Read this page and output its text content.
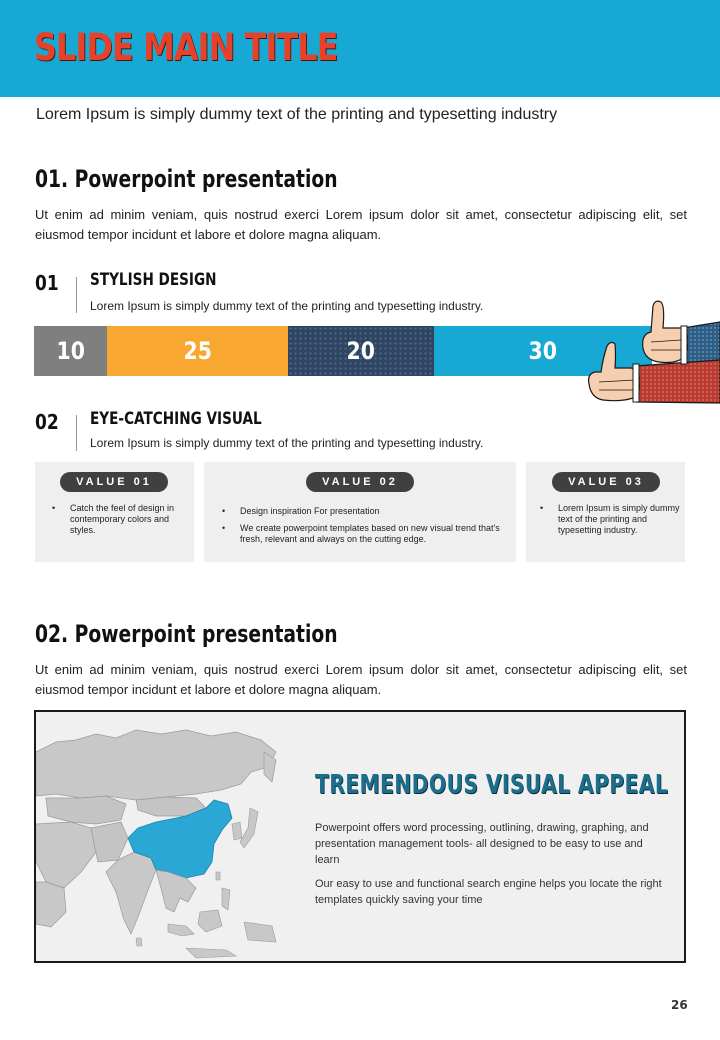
SLIDE MAIN TITLE
Lorem Ipsum is simply dummy text of the printing and typesetting industry
01. Powerpoint presentation
Ut enim ad minim veniam, quis nostrud exerci Lorem ipsum dolor sit amet, consectetur adipiscing elit, set eiusmod tempor incidunt et labore et dolore magna aliquam.
01 STYLISH DESIGN
Lorem Ipsum is simply dummy text of the printing and typesetting industry.
10	25	20	30
02 EYE-CATCHING VISUAL
Lorem Ipsum is simply dummy text of the printing and typesetting industry.
VALUE 01
• Catch the feel of design in contemporary colors and styles.
VALUE 02
• Design inspiration For presentation
• We create powerpoint templates based on new visual trend that's fresh, relevant and always on the cutting edge.
VALUE 03
• Lorem Ipsum is simply dummy text of the printing and typesetting industry.
02. Powerpoint presentation
Ut enim ad minim veniam, quis nostrud exerci Lorem ipsum dolor sit amet, consectetur adipiscing elit, set eiusmod tempor incidunt et labore et dolore magna aliquam.
TREMENDOUS VISUAL APPEAL
Powerpoint offers word processing, outlining, drawing, graphing, and presentation management tools- all designed to be easy to use and learn
Our easy to use and functional search engine helps you locate the right templates quickly saving your time
26
